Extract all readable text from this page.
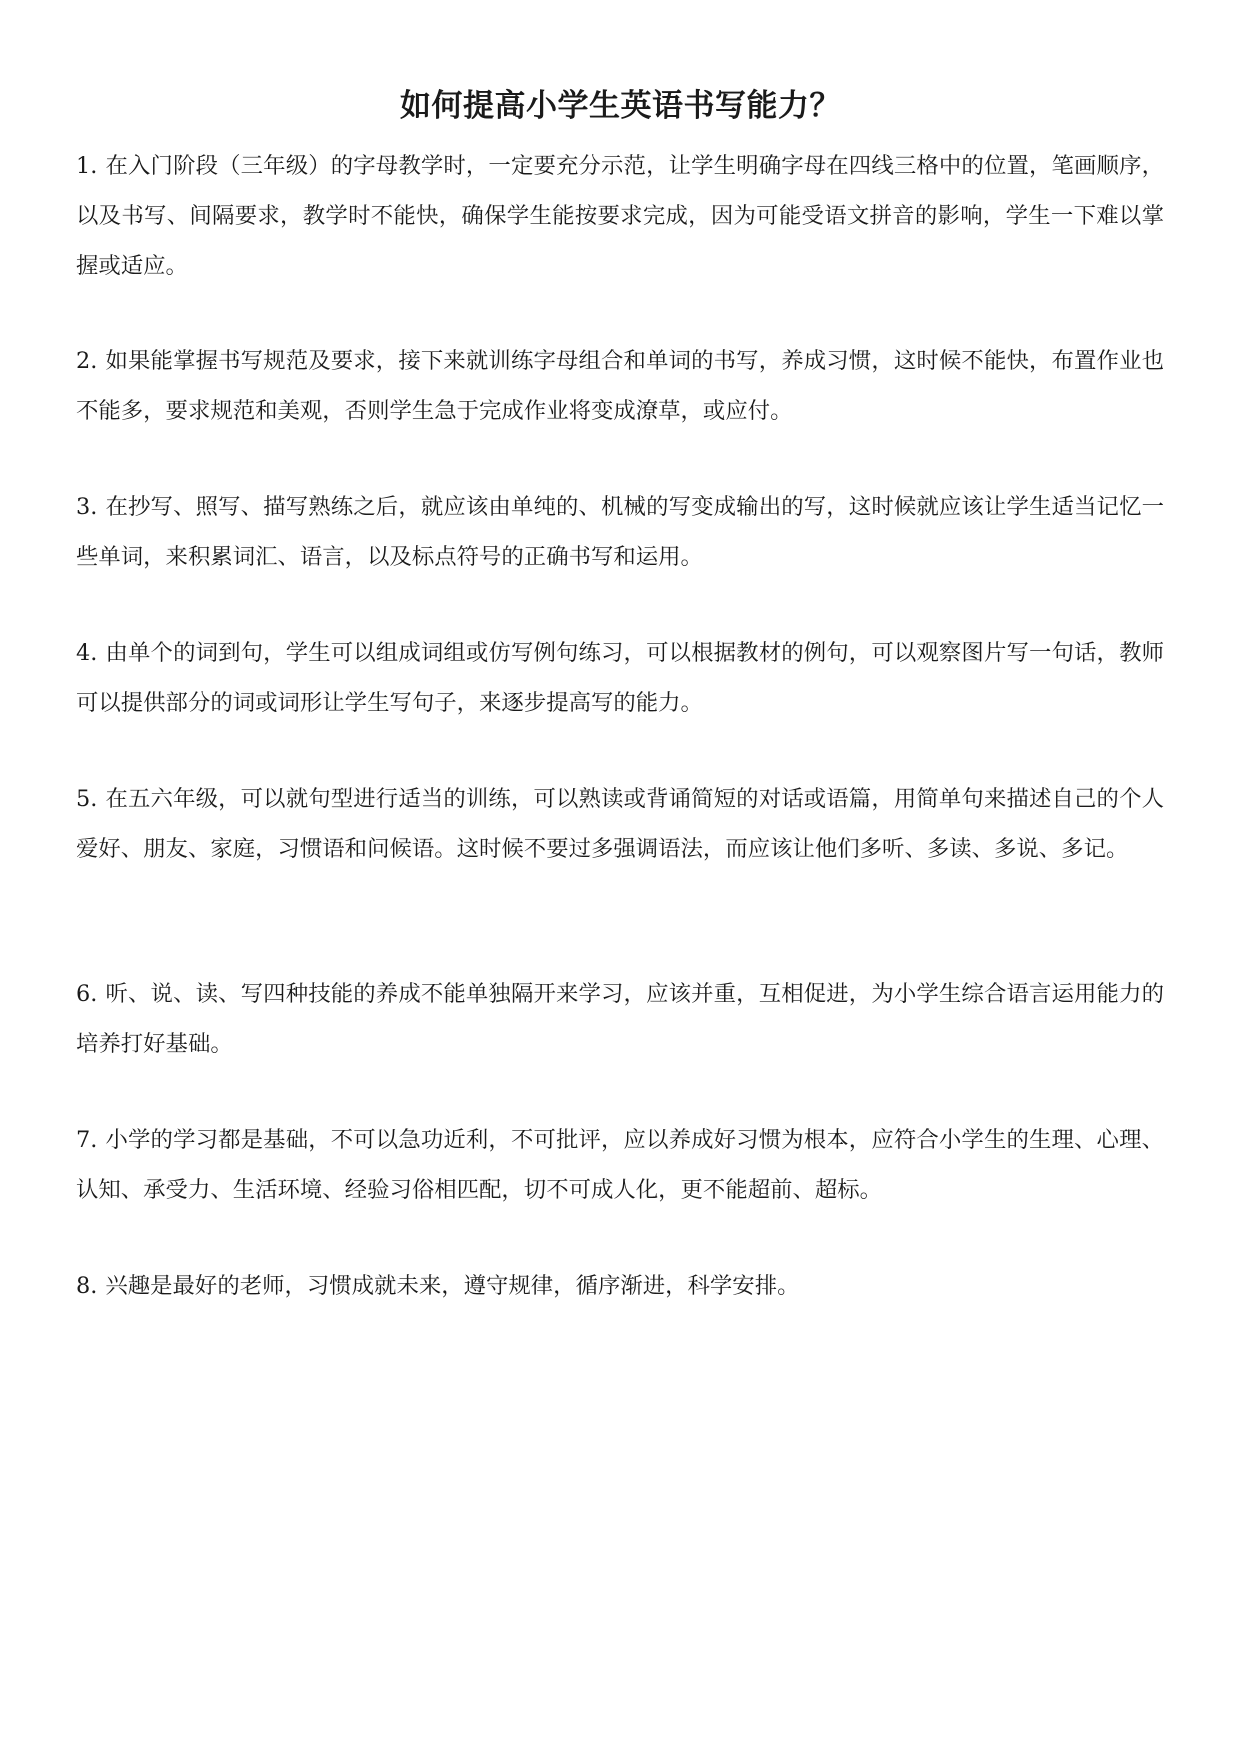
如何提高小学生英语书写能力？

1. 在入门阶段（三年级）的字母教学时，一定要充分示范，让学生明确字母在四线三格中的位置，笔画顺序，以及书写、间隔要求，教学时不能快，确保学生能按要求完成，因为可能受语文拼音的影响，学生一下难以掌握或适应。

2. 如果能掌握书写规范及要求，接下来就训练字母组合和单词的书写，养成习惯，这时候不能快，布置作业也不能多，要求规范和美观，否则学生急于完成作业将变成潦草，或应付。

3. 在抄写、照写、描写熟练之后，就应该由单纯的、机械的写变成输出的写，这时候就应该让学生适当记忆一些单词，来积累词汇、语言，以及标点符号的正确书写和运用。

4. 由单个的词到句，学生可以组成词组或仿写例句练习，可以根据教材的例句，可以观察图片写一句话，教师可以提供部分的词或词形让学生写句子，来逐步提高写的能力。

5. 在五六年级，可以就句型进行适当的训练，可以熟读或背诵简短的对话或语篇，用简单句来描述自己的个人爱好、朋友、家庭，习惯语和问候语。这时候不要过多强调语法，而应该让他们多听、多读、多说、多记。

6. 听、说、读、写四种技能的养成不能单独隔开来学习，应该并重，互相促进，为小学生综合语言运用能力的培养打好基础。

7. 小学的学习都是基础，不可以急功近利，不可批评，应以养成好习惯为根本，应符合小学生的生理、心理、认知、承受力、生活环境、经验习俗相匹配，切不可成人化，更不能超前、超标。

8. 兴趣是最好的老师，习惯成就未来，遵守规律，循序渐进，科学安排。
